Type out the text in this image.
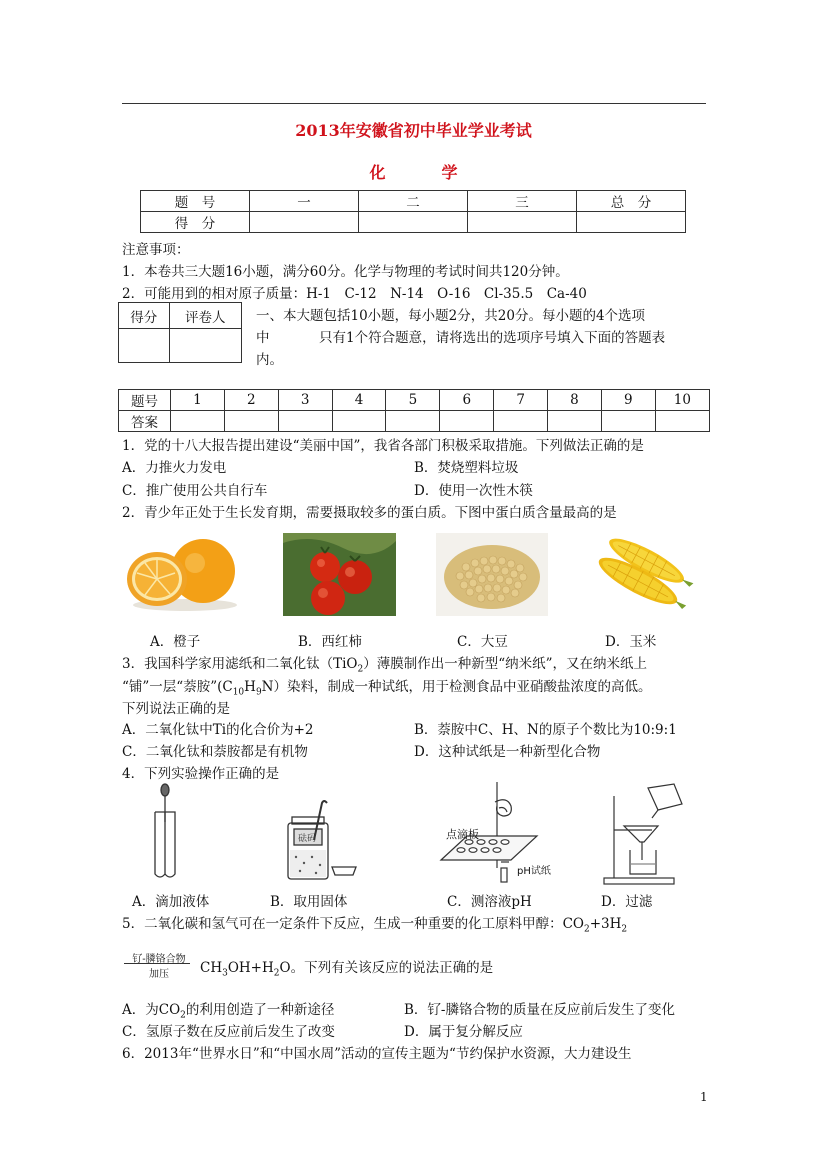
2013年安徽省初中毕业学业考试
化	学
题　号	一	二	三	总　分
得　分				
注意事项：
1．本卷共三大题16小题，满分60分。化学与物理的考试时间共120分钟。
2．可能用到的相对原子质量：H-1　C-12　N-14　O-16　Cl-35.5　Ca-40
得分	评卷人
	一、本大题包括10小题，每小题2分，共20分。每小题的4个选项
中	只有1个符合题意，请将选出的选项序号填入下面的答题表
内。
题号	1	2	3	4	5	6	7	8	9	10
答案										
1．党的十八大报告提出建设“美丽中国”，我省各部门积极采取措施。下列做法正确的是
A．力推火力发电	B．焚烧塑料垃圾
C．推广使用公共自行车	D．使用一次性木筷
2．青少年正处于生长发育期，需要摄取较多的蛋白质。下图中蛋白质含量最高的是
A．橙子	B．西红柿	C．大豆	D．玉米
3．我国科学家用滤纸和二氧化钛（TiO$_2$）薄膜制作出一种新型“纳米纸”，又在纳米纸上
“铺”一层“萘胺$”(C_{10}H_9N)$染料，制成一种试纸，用于检测食品中亚硝酸盐浓度的高低。
下列说法正确的是
A．二氧化钛中Ti的化合价为+2	B．萘胺中C、H、N的原子个数比为10:9:1
C．二氧化钛和萘胺都是有机物	D．这种试纸是一种新型化合物
4．下列实验操作正确的是
砝码	点滴板
pH试纸
A．滴加液体	B．取用固体	C．测溶液pH	D．过滤
5．二氧化碳和氢气可在一定条件下反应，生成一种重要的化工原料甲醇：$CO_2+3H_2$
钌-膦铬合物
加压	$CH_3OH+H_2O$。下列有关该反应的说法正确的是
A．为$CO_2$的利用创造了一种新途径	B．钌-膦铬合物的质量在反应前后发生了变化
C．氢原子数在反应前后发生了改变	D．属于复分解反应
6．2013年“世界水日”和“中国水周”活动的宣传主题为“节约保护水资源，大力建设生
1
